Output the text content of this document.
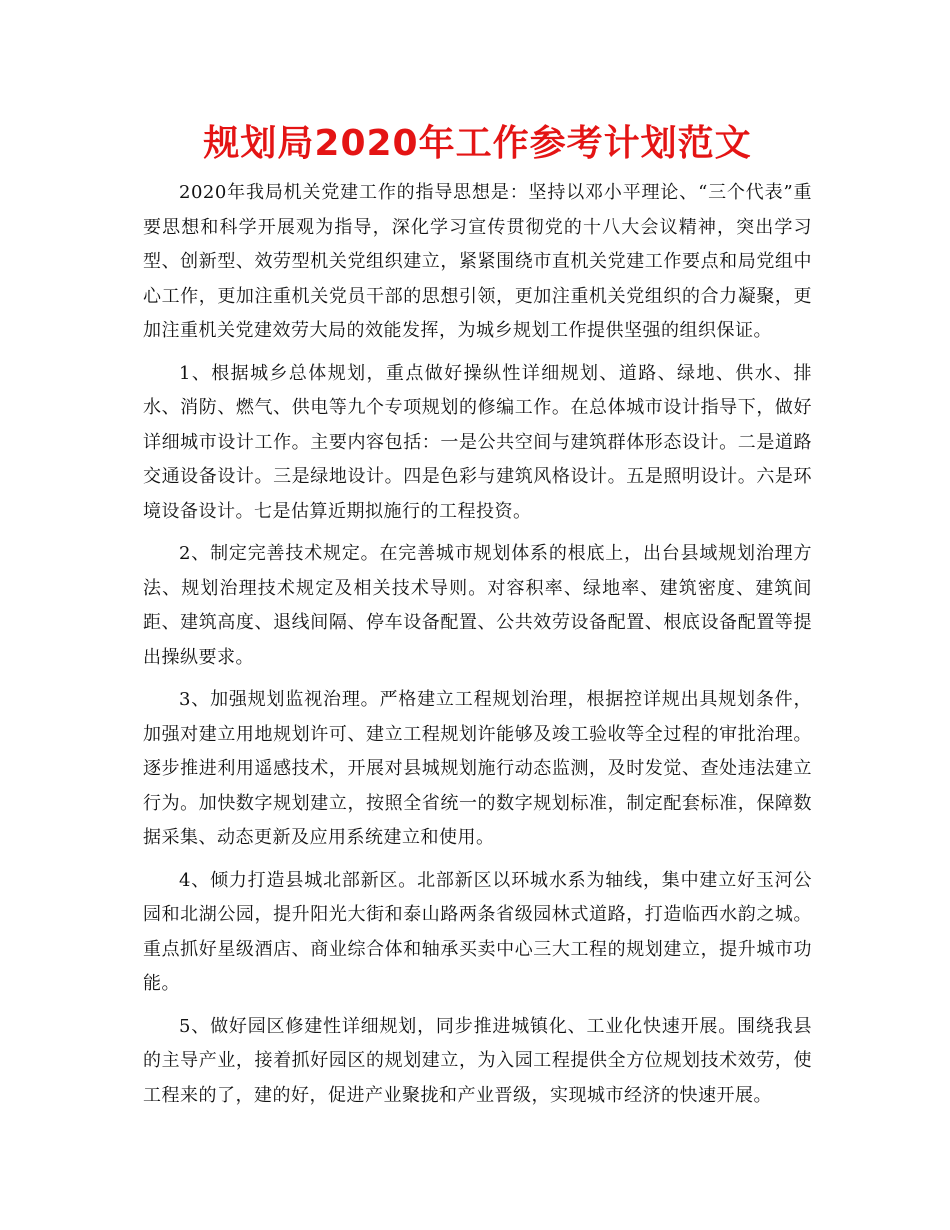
规划局2020年工作参考计划范文

2020年我局机关党建工作的指导思想是：坚持以邓小平理论、“三个代表”重要思想和科学开展观为指导，深化学习宣传贯彻党的十八大会议精神，突出学习型、创新型、效劳型机关党组织建立，紧紧围绕市直机关党建工作要点和局党组中心工作，更加注重机关党员干部的思想引领，更加注重机关党组织的合力凝聚，更加注重机关党建效劳大局的效能发挥，为城乡规划工作提供坚强的组织保证。

1、根据城乡总体规划，重点做好操纵性详细规划、道路、绿地、供水、排水、消防、燃气、供电等九个专项规划的修编工作。在总体城市设计指导下，做好详细城市设计工作。主要内容包括：一是公共空间与建筑群体形态设计。二是道路交通设备设计。三是绿地设计。四是色彩与建筑风格设计。五是照明设计。六是环境设备设计。七是估算近期拟施行的工程投资。

2、制定完善技术规定。在完善城市规划体系的根底上，出台县域规划治理方法、规划治理技术规定及相关技术导则。对容积率、绿地率、建筑密度、建筑间距、建筑高度、退线间隔、停车设备配置、公共效劳设备配置、根底设备配置等提出操纵要求。

3、加强规划监视治理。严格建立工程规划治理，根据控详规出具规划条件，加强对建立用地规划许可、建立工程规划许能够及竣工验收等全过程的审批治理。逐步推进利用遥感技术，开展对县城规划施行动态监测，及时发觉、查处违法建立行为。加快数字规划建立，按照全省统一的数字规划标准，制定配套标准，保障数据采集、动态更新及应用系统建立和使用。

4、倾力打造县城北部新区。北部新区以环城水系为轴线，集中建立好玉河公园和北湖公园，提升阳光大街和泰山路两条省级园林式道路，打造临西水韵之城。重点抓好星级酒店、商业综合体和轴承买卖中心三大工程的规划建立，提升城市功能。

5、做好园区修建性详细规划，同步推进城镇化、工业化快速开展。围绕我县的主导产业，接着抓好园区的规划建立，为入园工程提供全方位规划技术效劳，使工程来的了，建的好，促进产业聚拢和产业晋级，实现城市经济的快速开展。
